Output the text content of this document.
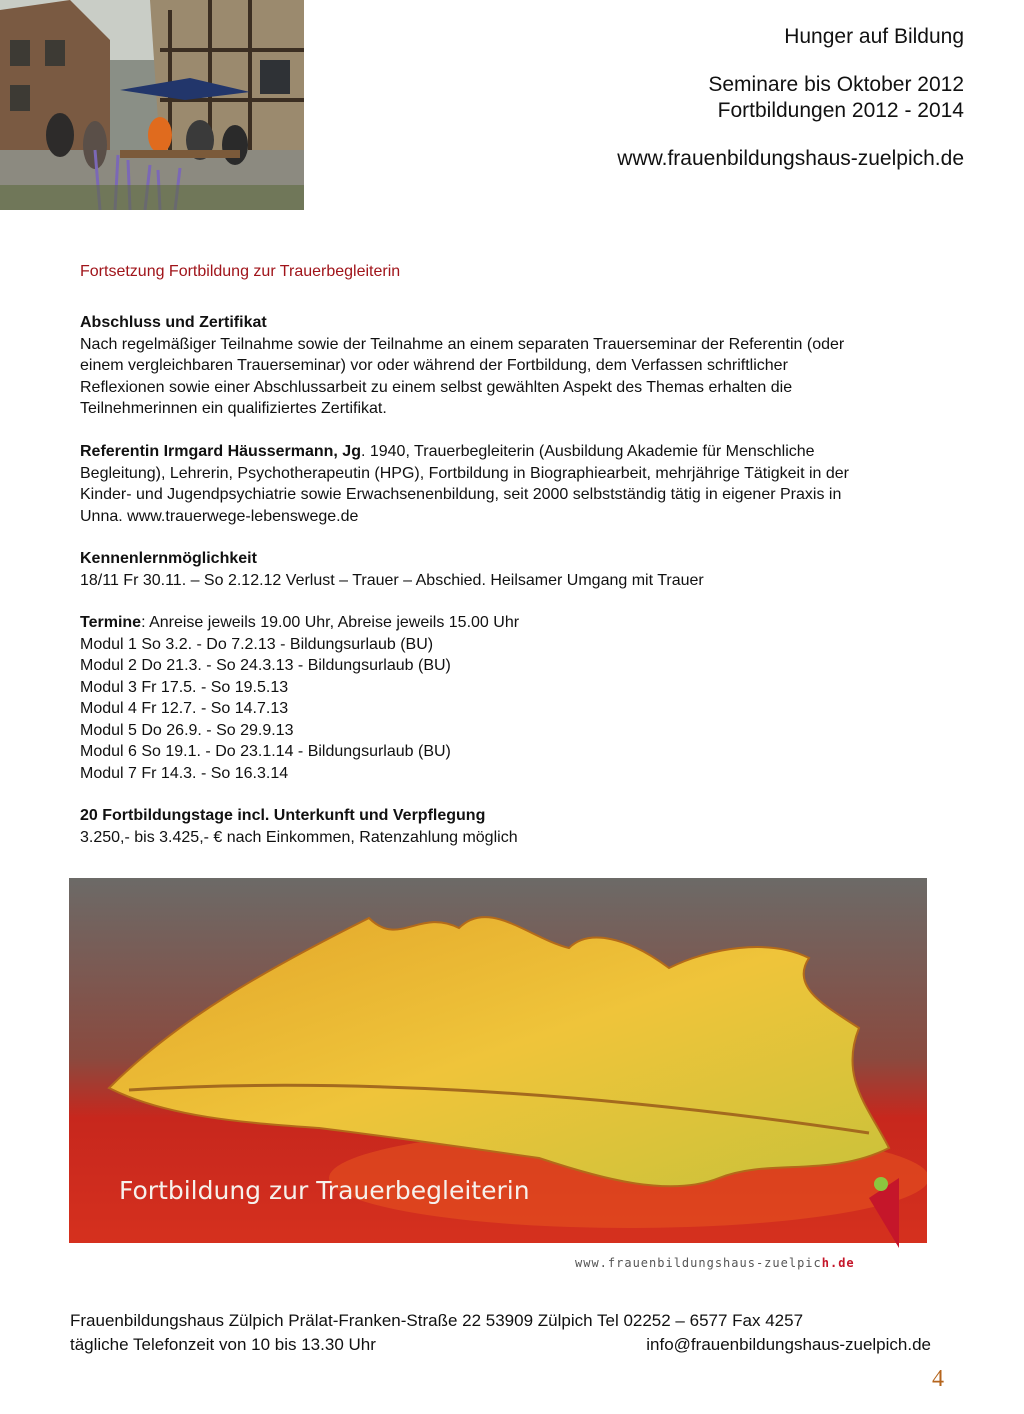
Hunger auf Bildung
Seminare bis Oktober 2012
Fortbildungen 2012 - 2014
www.frauenbildungshaus-zuelpich.de
Fortsetzung Fortbildung zur Trauerbegleiterin
Abschluss und Zertifikat
Nach regelmäßiger Teilnahme sowie der Teilnahme an einem separaten Trauerseminar der Referentin (oder
einem vergleichbaren Trauerseminar) vor oder während der Fortbildung, dem Verfassen schriftlicher
Reflexionen sowie einer Abschlussarbeit zu einem selbst gewählten Aspekt des Themas erhalten die
Teilnehmerinnen ein qualifiziertes Zertifikat.
Referentin Irmgard Häussermann, Jg. 1940, Trauerbegleiterin (Ausbildung Akademie für Menschliche
Begleitung), Lehrerin, Psychotherapeutin (HPG), Fortbildung in Biographiearbeit, mehrjährige Tätigkeit in der
Kinder- und Jugendpsychiatrie sowie Erwachsenenbildung, seit 2000 selbstständig tätig in eigener Praxis in
Unna. www.trauerwege-lebenswege.de
Kennenlernmöglichkeit
18/11 Fr 30.11. – So 2.12.12 Verlust – Trauer – Abschied. Heilsamer Umgang mit Trauer
Termine: Anreise jeweils 19.00 Uhr, Abreise jeweils 15.00 Uhr
Modul 1 So 3.2. - Do 7.2.13 - Bildungsurlaub (BU)
Modul 2 Do 21.3. - So 24.3.13 - Bildungsurlaub (BU)
Modul 3 Fr 17.5. - So 19.5.13
Modul 4 Fr 12.7. - So 14.7.13
Modul 5 Do 26.9. - So 29.9.13
Modul 6 So 19.1. - Do 23.1.14 - Bildungsurlaub (BU)
Modul 7 Fr 14.3. - So 16.3.14
20 Fortbildungstage incl. Unterkunft und Verpflegung
3.250,- bis 3.425,- € nach Einkommen, Ratenzahlung möglich
Fortbildung zur Trauerbegleiterin
www.frauenbildungshaus-zuelpich.de
Frauenbildungshaus Zülpich Prälat-Franken-Straße 22 53909 Zülpich Tel 02252 – 6577 Fax 4257
tägliche Telefonzeit von 10 bis 13.30 Uhr	info@frauenbildungshaus-zuelpich.de
4
